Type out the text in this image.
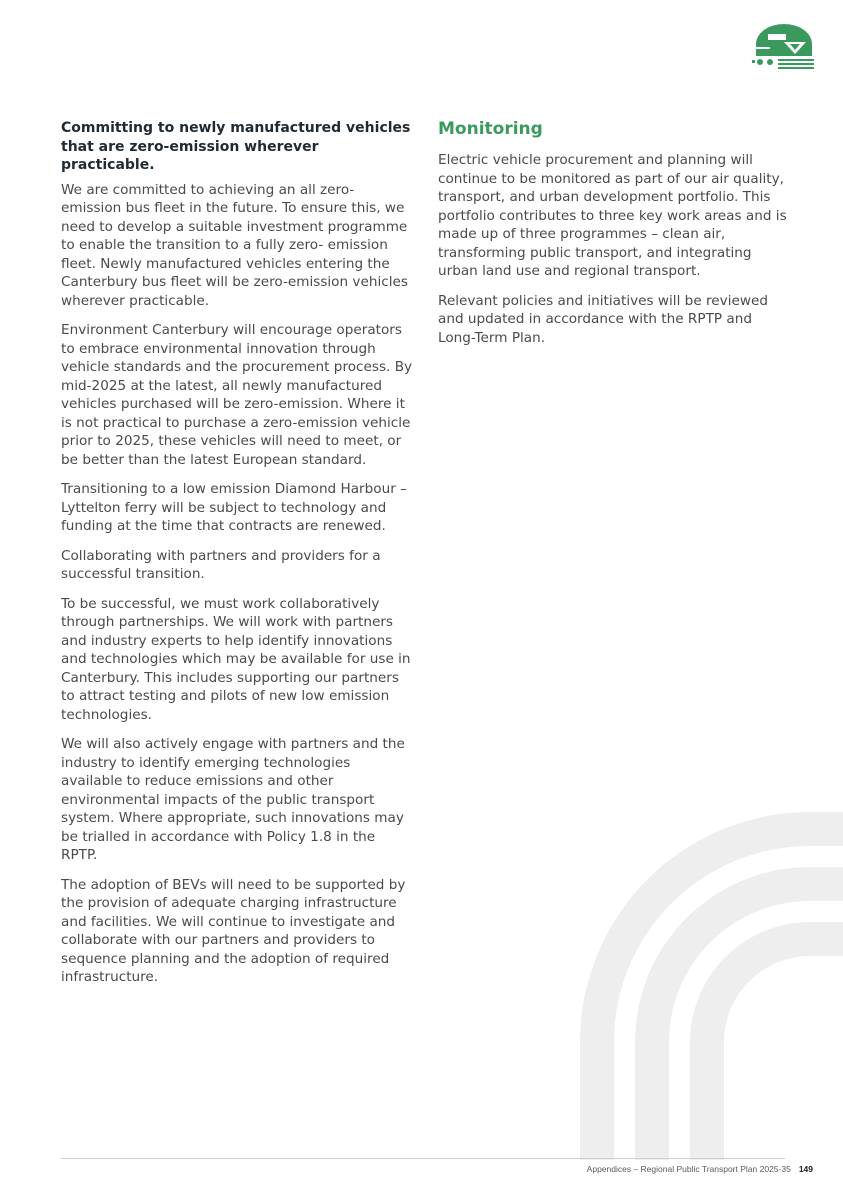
Committing to newly manufactured vehicles that are zero-emission wherever practicable.

We are committed to achieving an all zero-emission bus fleet in the future. To ensure this, we need to develop a suitable investment programme to enable the transition to a fully zero- emission fleet. Newly manufactured vehicles entering the Canterbury bus fleet will be zero-emission vehicles wherever practicable.

Environment Canterbury will encourage operators to embrace environmental innovation through vehicle standards and the procurement process. By mid-2025 at the latest, all newly manufactured vehicles purchased will be zero-emission. Where it is not practical to purchase a zero-emission vehicle prior to 2025, these vehicles will need to meet, or be better than the latest European standard.

Transitioning to a low emission Diamond Harbour – Lyttelton ferry will be subject to technology and funding at the time that contracts are renewed.

Collaborating with partners and providers for a successful transition.

To be successful, we must work collaboratively through partnerships. We will work with partners and industry experts to help identify innovations and technologies which may be available for use in Canterbury. This includes supporting our partners to attract testing and pilots of new low emission technologies.

We will also actively engage with partners and the industry to identify emerging technologies available to reduce emissions and other environmental impacts of the public transport system. Where appropriate, such innovations may be trialled in accordance with Policy 1.8 in the RPTP.

The adoption of BEVs will need to be supported by the provision of adequate charging infrastructure and facilities. We will continue to investigate and collaborate with our partners and providers to sequence planning and the adoption of required infrastructure.

Monitoring

Electric vehicle procurement and planning will continue to be monitored as part of our air quality, transport, and urban development portfolio. This portfolio contributes to three key work areas and is made up of three programmes – clean air, transforming public transport, and integrating urban land use and regional transport.

Relevant policies and initiatives will be reviewed and updated in accordance with the RPTP and Long-Term Plan.

Appendices – Regional Public Transport Plan 2025-35 149
